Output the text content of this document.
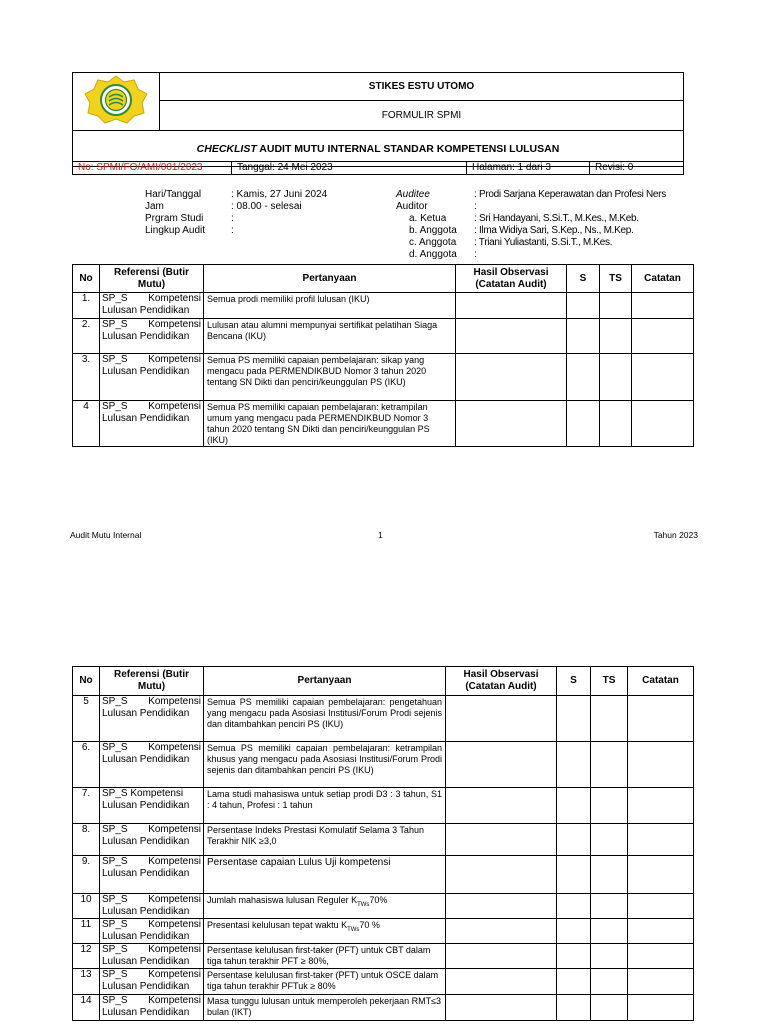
	STIKES ESTU UTOMO
FORMULIR SPMI
CHECKLIST AUDIT MUTU INTERNAL STANDAR KOMPETENSI LULUSAN
No: SPMI/FO/AMI/001/2023	Tanggal: 24 Mei 2023	Halaman: 1 dari 3	Revisi: 0
Hari/Tanggal	: Kamis, 27 Juni 2024
Jam	: 08.00 - selesai
Prgram Studi	:
Lingkup Audit	:
Auditee	: Prodi Sarjana Keperawatan dan Profesi Ners
Auditor	:
a. Ketua	: Sri Handayani, S.Si.T., M.Kes., M.Keb.
b. Anggota : Ilma Widiya Sari, S.Kep., Ns., M.Kep.
c. Anggota : Triani Yuliastanti, S.Si.T., M.Kes.
d. Anggota :
No	Referensi (Butir Mutu)	Pertanyaan	Hasil Observasi (Catatan Audit)	S	TS	Catatan
1.	SP_S Kompetensi
Lulusan Pendidikan	Semua prodi memiliki profil lulusan (IKU)				
2.	SP_S Kompetensi
Lulusan Pendidikan	Lulusan atau alumni mempunyai sertifikat pelatihan Siaga Bencana (IKU)				
3.	SP_S Kompetensi
Lulusan Pendidikan	Semua PS memiliki capaian pembelajaran: sikap yang mengacu pada PERMENDIKBUD Nomor 3 tahun 2020 tentang SN Dikti dan penciri/keunggulan PS (IKU)				
4	SP_S Kompetensi
Lulusan Pendidikan	Semua PS memiliki capaian pembelajaran: ketrampilan umum yang mengacu pada PERMENDIKBUD Nomor 3 tahun 2020 tentang SN Dikti dan penciri/keunggulan PS (IKU)				
Audit Mutu Internal	1	Tahun 2023
No	Referensi (Butir Mutu)	Pertanyaan	Hasil Observasi (Catatan Audit)	S	TS	Catatan
5	SP_S Kompetensi
Lulusan Pendidikan	Semua PS memiliki capaian pembelajaran: pengetahuan yang mengacu pada Asosiasi Institusi/Forum Prodi sejenis dan ditambahkan penciri PS (IKU)				
6.	SP_S Kompetensi
Lulusan Pendidikan	Semua PS memiliki capaian pembelajaran: ketrampilan khusus yang mengacu pada Asosiasi Institusi/Forum Prodi sejenis dan ditambahkan penciri PS (IKU)				
7.	SP_S Kompetensi
Lulusan Pendidikan	Lama studi mahasiswa untuk setiap prodi D3 : 3 tahun, S1 : 4 tahun, Profesi : 1 tahun				
8.	SP_S Kompetensi
Lulusan Pendidikan	Persentase Indeks Prestasi Komulatif Selama 3 Tahun Terakhir NIK ≥3,0				
9.	SP_S Kompetensi
Lulusan Pendidikan	Persentase capaian Lulus Uji kompetensi				
10	SP_S Kompetensi
Lulusan Pendidikan	Jumlah mahasiswa lulusan Reguler $K_{TWs}70\%$				
11	SP_S Kompetensi
Lulusan Pendidikan	Presentasi kelulusan tepat waktu $K_{TWs}70$ %				
12	SP_S Kompetensi
Lulusan Pendidikan	Persentase kelulusan first-taker (PFT) untuk CBT dalam tiga tahun terakhir PFT ≥ 80%,				
13	SP_S Kompetensi
Lulusan Pendidikan	Persentase kelulusan first-taker (PFT) untuk OSCE dalam tiga tahun terakhir PFTuk ≥ 80%				
14	SP_S Kompetensi
Lulusan Pendidikan	Masa tunggu lulusan untuk memperoleh pekerjaan RMT≤3 bulan (IKT)				
